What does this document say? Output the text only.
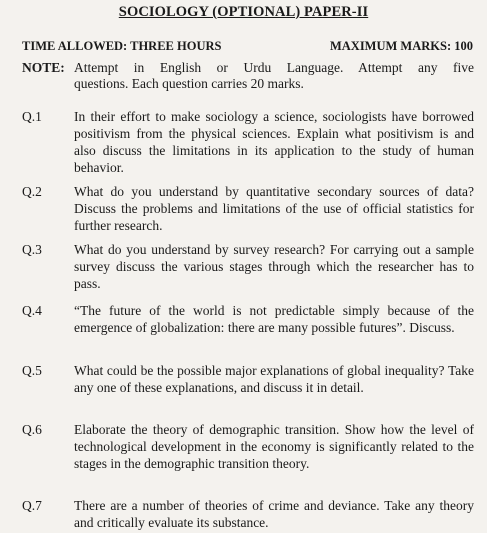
SOCIOLOGY (OPTIONAL) PAPER-II
TIME ALLOWED: THREE HOURS	MAXIMUM MARKS: 100
NOTE: Attempt in English or Urdu Language. Attempt any five
questions. Each question carries 20 marks.
Q.1	In their effort to make sociology a science, sociologists have borrowed positivism from the physical sciences. Explain what positivism is and also discuss the limitations in its application to the study of human behavior.
Q.2	What do you understand by quantitative secondary sources of data? Discuss the problems and limitations of the use of official statistics for further research.
Q.3	What do you understand by survey research? For carrying out a sample survey discuss the various stages through which the researcher has to pass.
Q.4	“The future of the world is not predictable simply because of the emergence of globalization: there are many possible futures”. Discuss.
Q.5	What could be the possible major explanations of global inequality? Take any one of these explanations, and discuss it in detail.
Q.6	Elaborate the theory of demographic transition. Show how the level of technological development in the economy is significantly related to the stages in the demographic transition theory.
Q.7	There are a number of theories of crime and deviance. Take any theory and critically evaluate its substance.
